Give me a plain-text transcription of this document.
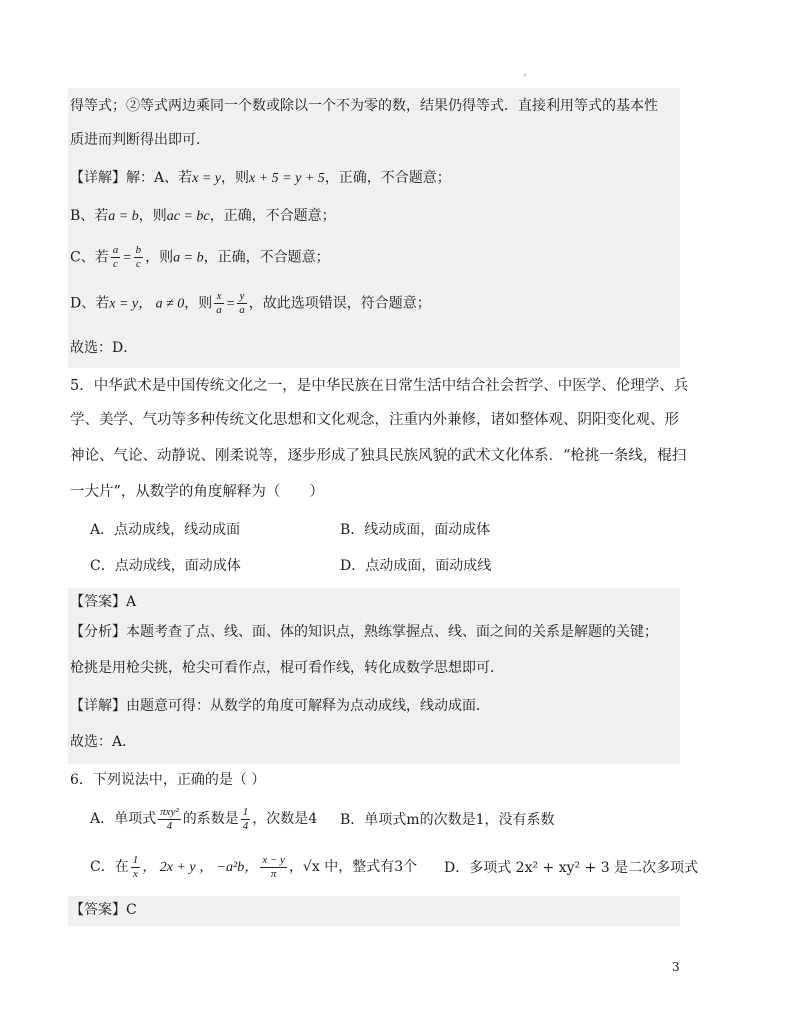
得等式；②等式两边乘同一个数或除以一个不为零的数，结果仍得等式．直接利用等式的基本性
质进而判断得出即可．
【详解】解：A、若x = y，则x + 5 = y + 5，正确，不合题意；
B、若a = b，则ac = bc，正确，不合题意；
C、若 $\frac{a}{c} = \frac{b}{c}$ ，则a = b，正确，不合题意；
D、若x = y， a ≠ 0，则 $\frac{x}{a} = \frac{y}{a}$ ，故此选项错误，符合题意；
故选：D．
5．中华武术是中国传统文化之一，是中华民族在日常生活中结合社会哲学、中医学、伦理学、兵
学、美学、气功等多种传统文化思想和文化观念，注重内外兼修，诸如整体观、阴阳变化观、形
神论、气论、动静说、刚柔说等，逐步形成了独具民族风貌的武术文化体系．“枪挑一条线，棍扫
一大片”，从数学的角度解释为（　　）
A．点动成线，线动成面	B．线动成面，面动成体
C．点动成线，面动成体	D．点动成面，面动成线
【答案】A
【分析】本题考查了点、线、面、体的知识点，熟练掌握点、线、面之间的关系是解题的关键；
枪挑是用枪尖挑，枪尖可看作点，棍可看作线，转化成数学思想即可．
【详解】由题意可得：从数学的角度可解释为点动成线，线动成面．
故选：A．
6．下列说法中，正确的是（ ）
A．单项式 $\frac{\text{πxy²}}{4}$ 的系数是 $\frac{1}{4}$ ，次数是4 B．单项式m的次数是1，没有系数
C．在 $\frac{1}{x}$ ， 2x + y ， −a²b， $\frac{x - y}{\pi}$ ，√x 中，整式有3个 D．多项式 2x² + xy² + 3 是二次多项式
【答案】C
3
